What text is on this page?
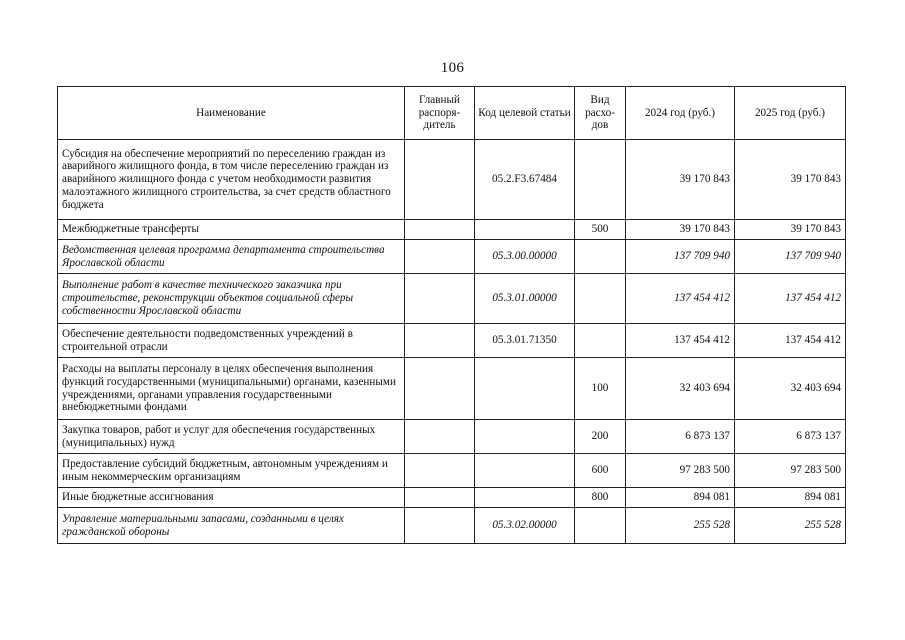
106
Наименование	Главный распоря-дитель	Код целевой статьи	Вид расхо-дов	2024 год (руб.)	2025 год (руб.)
Субсидия на обеспечение мероприятий по переселению граждан из аварийного жилищного фонда, в том числе переселению граждан из аварийного жилищного фонда с учетом необходимости развития малоэтажного жилищного строительства, за счет средств областного бюджета		05.2.F3.67484		39 170 843	39 170 843
Межбюджетные трансферты			500	39 170 843	39 170 843
Ведомственная целевая программа департамента строительства Ярославской области		05.3.00.00000		137 709 940	137 709 940
Выполнение работ в качестве технического заказчика при строительстве, реконструкции объектов социальной сферы собственности Ярославской области		05.3.01.00000		137 454 412	137 454 412
Обеспечение деятельности подведомственных учреждений в строительной отрасли		05.3.01.71350		137 454 412	137 454 412
Расходы на выплаты персоналу в целях обеспечения выполнения функций государственными (муниципальными) органами, казенными учреждениями, органами управления государственными внебюджетными фондами			100	32 403 694	32 403 694
Закупка товаров, работ и услуг для обеспечения государственных (муниципальных) нужд			200	6 873 137	6 873 137
Предоставление субсидий бюджетным, автономным учреждениям и иным некоммерческим организациям			600	97 283 500	97 283 500
Иные бюджетные ассигнования			800	894 081	894 081
Управление материальными запасами, созданными в целях гражданской обороны		05.3.02.00000		255 528	255 528
